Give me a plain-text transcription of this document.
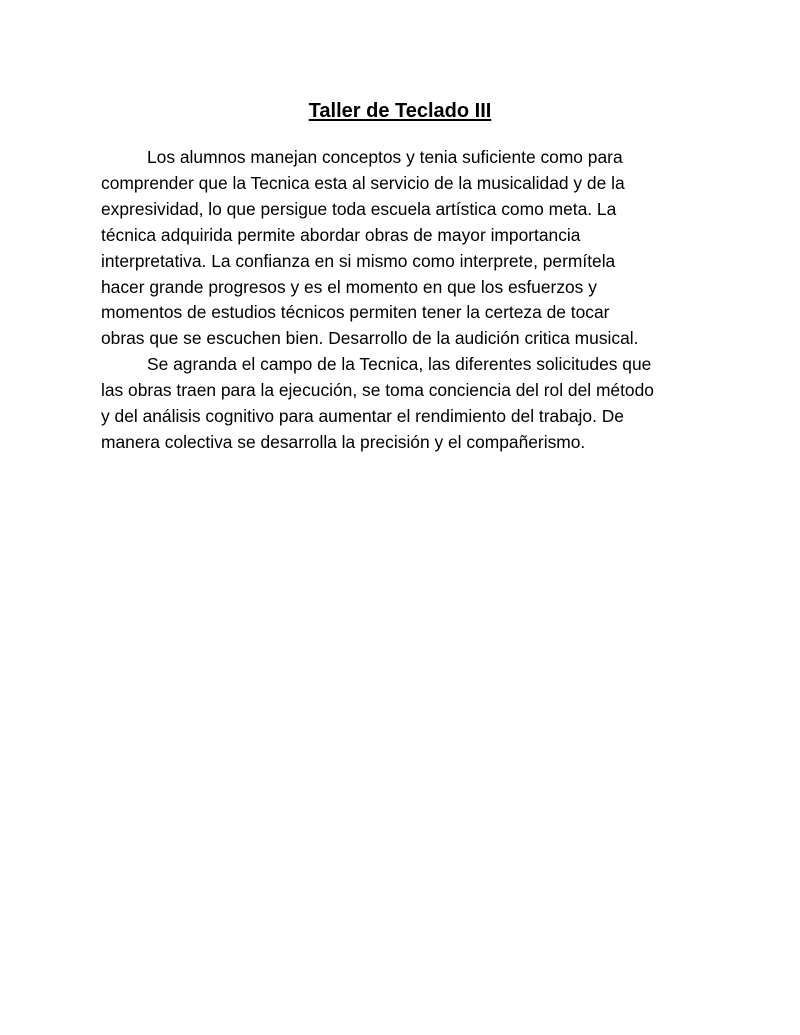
Taller de Teclado III

Los alumnos manejan conceptos y tenia suficiente como para
comprender que la Tecnica esta al servicio de la musicalidad y de la
expresividad, lo que persigue toda escuela artística como meta. La
técnica adquirida permite abordar obras de mayor importancia
interpretativa. La confianza en si mismo como interprete, permítela
hacer grande progresos y es el momento en que los esfuerzos y
momentos de estudios técnicos permiten tener la certeza de tocar
obras que se escuchen bien. Desarrollo de la audición critica musical.

Se agranda el campo de la Tecnica, las diferentes solicitudes que
las obras traen para la ejecución, se toma conciencia del rol del método
y del análisis cognitivo para aumentar el rendimiento del trabajo. De
manera colectiva se desarrolla la precisión y el compañerismo.
